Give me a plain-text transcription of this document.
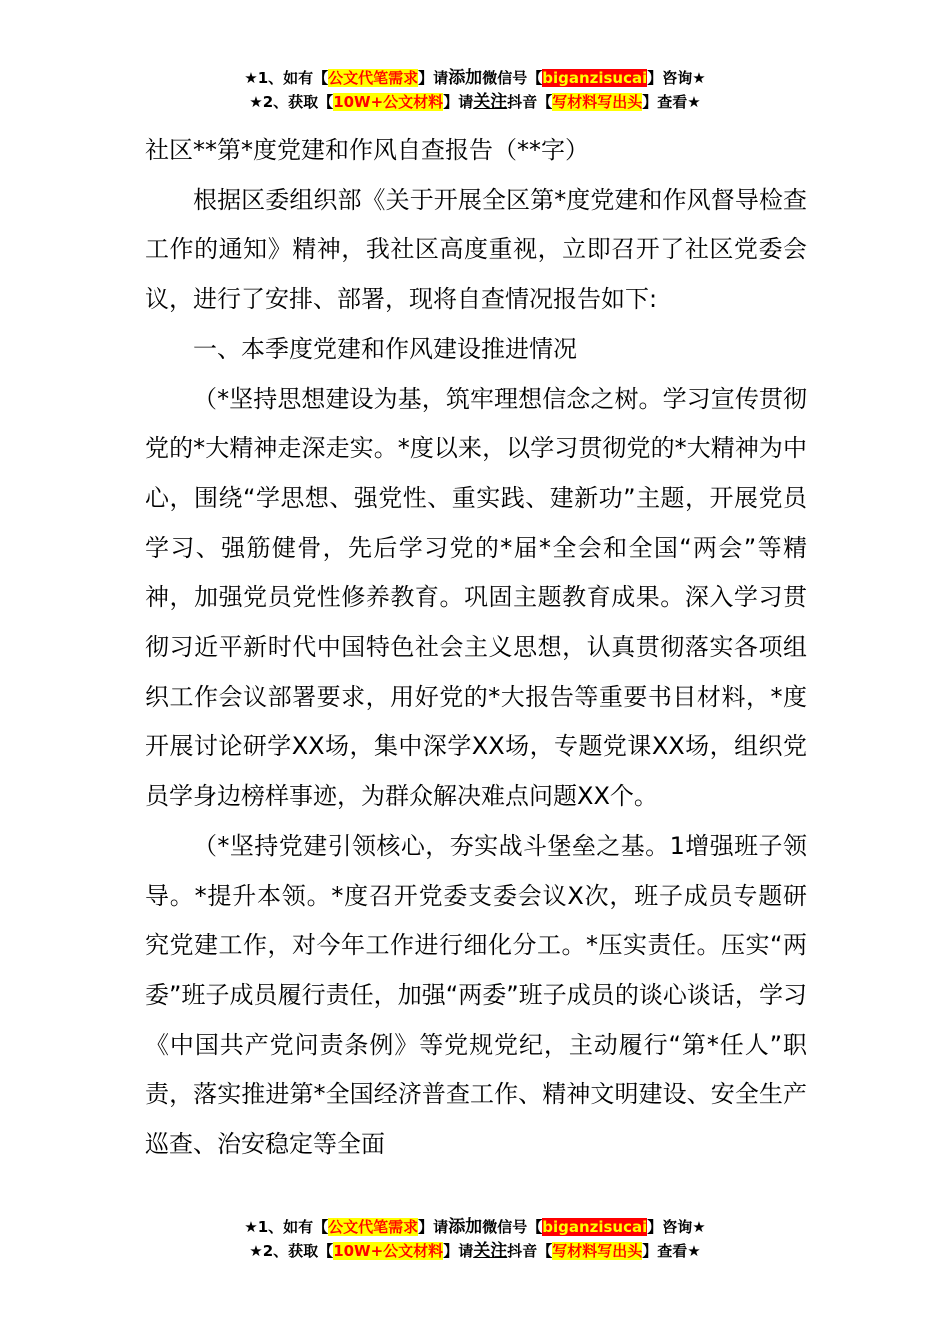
★1、如有【公文代笔需求】请添加微信号【biganzisucai】咨询★
★2、获取【10W+公文材料】请关注抖音【写材料写出头】查看★

社区**第*度党建和作风自查报告（**字）

根据区委组织部《关于开展全区第*度党建和作风督导检查工作的通知》精神，我社区高度重视，立即召开了社区党委会议，进行了安排、部署，现将自查情况报告如下:

一、本季度党建和作风建设推进情况

（*坚持思想建设为基，筑牢理想信念之树。学习宣传贯彻党的*大精神走深走实。*度以来，以学习贯彻党的*大精神为中心，围绕“学思想、强党性、重实践、建新功”主题，开展党员学习、强筋健骨，先后学习党的*届*全会和全国“两会”等精神，加强党员党性修养教育。巩固主题教育成果。深入学习贯彻习近平新时代中国特色社会主义思想，认真贯彻落实各项组织工作会议部署要求，用好党的*大报告等重要书目材料，*度开展讨论研学XX场，集中深学XX场，专题党课XX场，组织党员学身边榜样事迹，为群众解决难点问题XX个。

（*坚持党建引领核心，夯实战斗堡垒之基。1增强班子领导。*提升本领。*度召开党委支委会议X次，班子成员专题研究党建工作，对今年工作进行细化分工。*压实责任。压实“两委”班子成员履行责任，加强“两委”班子成员的谈心谈话，学习《中国共产党问责条例》等党规党纪，主动履行“第*任人”职责，落实推进第*全国经济普查工作、精神文明建设、安全生产巡查、治安稳定等全面

★1、如有【公文代笔需求】请添加微信号【biganzisucai】咨询★
★2、获取【10W+公文材料】请关注抖音【写材料写出头】查看★
